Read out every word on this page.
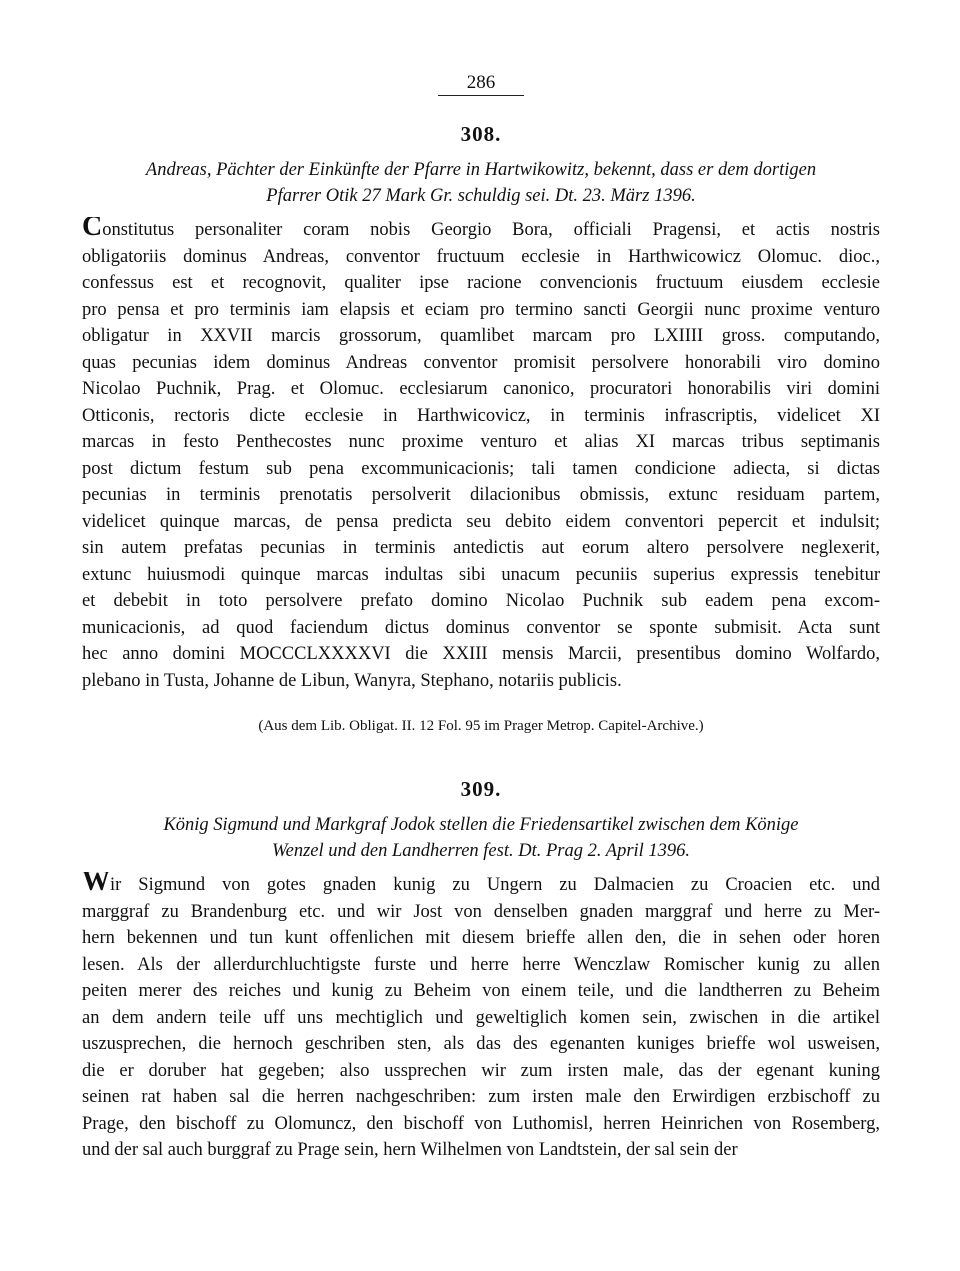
286
308.
Andreas, Pächter der Einkünfte der Pfarre in Hartwikowitz, bekennt, dass er dem dortigen
Pfarrer Otik 27 Mark Gr. schuldig sei. Dt. 23. März 1396.
Constitutus personaliter coram nobis Georgio Bora, officiali Pragensi, et actis nostris
obligatoriis dominus Andreas, conventor fructuum ecclesie in Harthwicowicz Olomuc. dioc.,
confessus est et recognovit, qualiter ipse racione convencionis fructuum eiusdem ecclesie
pro pensa et pro terminis iam elapsis et eciam pro termino sancti Georgii nunc proxime venturo
obligatur in XXVII marcis grossorum, quamlibet marcam pro LXIIII gross. computando,
quas pecunias idem dominus Andreas conventor promisit persolvere honorabili viro domino
Nicolao Puchnik, Prag. et Olomuc. ecclesiarum canonico, procuratori honorabilis viri domini
Otticonis, rectoris dicte ecclesie in Harthwicovicz, in terminis infrascriptis, videlicet XI
marcas in festo Penthecostes nunc proxime venturo et alias XI marcas tribus septimanis
post dictum festum sub pena excommunicacionis; tali tamen condicione adiecta, si dictas
pecunias in terminis prenotatis persolverit dilacionibus obmissis, extunc residuam partem,
videlicet quinque marcas, de pensa predicta seu debito eidem conventori pepercit et indulsit;
sin autem prefatas pecunias in terminis antedictis aut eorum altero persolvere neglexerit,
extunc huiusmodi quinque marcas indultas sibi unacum pecuniis superius expressis tenebitur
et debebit in toto persolvere prefato domino Nicolao Puchnik sub eadem pena excom-
municacionis, ad quod faciendum dictus dominus conventor se sponte submisit. Acta sunt
hec anno domini MOCCCLXXXXVI die XXIII mensis Marcii, presentibus domino Wolfardo,
plebano in Tusta, Johanne de Libun, Wanyra, Stephano, notariis publicis.
(Aus dem Lib. Obligat. II. 12 Fol. 95 im Prager Metrop. Capitel-Archive.)
309.
König Sigmund und Markgraf Jodok stellen die Friedensartikel zwischen dem Könige
Wenzel und den Landherren fest. Dt. Prag 2. April 1396.
Wir Sigmund von gotes gnaden kunig zu Ungern zu Dalmacien zu Croacien etc. und
marggraf zu Brandenburg etc. und wir Jost von denselben gnaden marggraf und herre zu Mer-
hern bekennen und tun kunt offenlichen mit diesem brieffe allen den, die in sehen oder horen
lesen. Als der allerdurchluchtigste furste und herre herre Wenczlaw Romischer kunig zu allen
peiten merer des reiches und kunig zu Beheim von einem teile, und die landtherren zu Beheim
an dem andern teile uff uns mechtiglich und geweltiglich komen sein, zwischen in die artikel
uszusprechen, die hernoch geschriben sten, als das des egenanten kuniges brieffe wol usweisen,
die er doruber hat gegeben; also ussprechen wir zum irsten male, das der egenant kuning
seinen rat haben sal die herren nachgeschriben: zum irsten male den Erwirdigen erzbischoff zu
Prage, den bischoff zu Olomuncz, den bischoff von Luthomisl, herren Heinrichen von Rosemberg,
und der sal auch burggraf zu Prage sein, hern Wilhelmen von Landtstein, der sal sein der
